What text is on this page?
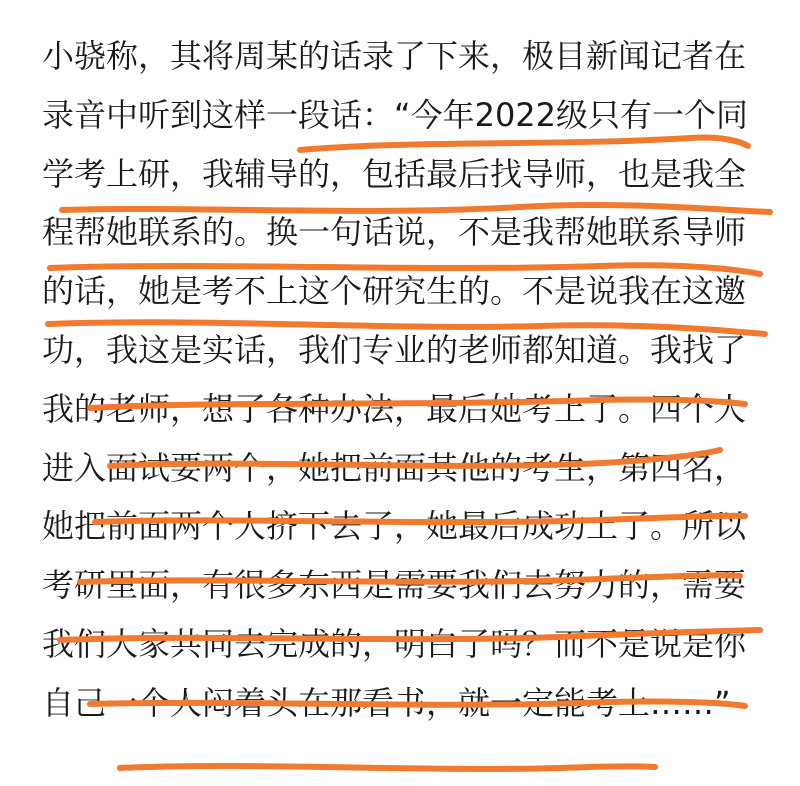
小骁称，其将周某的话录了下来，极目新闻记者在
录音中听到这样一段话：“今年2022级只有一个同
学考上研，我辅导的，包括最后找导师，也是我全
程帮她联系的。换一句话说，不是我帮她联系导师
的话，她是考不上这个研究生的。不是说我在这邀
功，我这是实话，我们专业的老师都知道。我找了
我的老师，想了各种办法，最后她考上了。四个人
进入面试要两个，她把前面其他的考生，第四名，
她把前面两个人挤下去了，她最后成功上了。所以
考研里面，有很多东西是需要我们去努力的，需要
我们大家共同去完成的，明白了吗？而不是说是你
自己一个人闷着头在那看书，就一定能考上……”
